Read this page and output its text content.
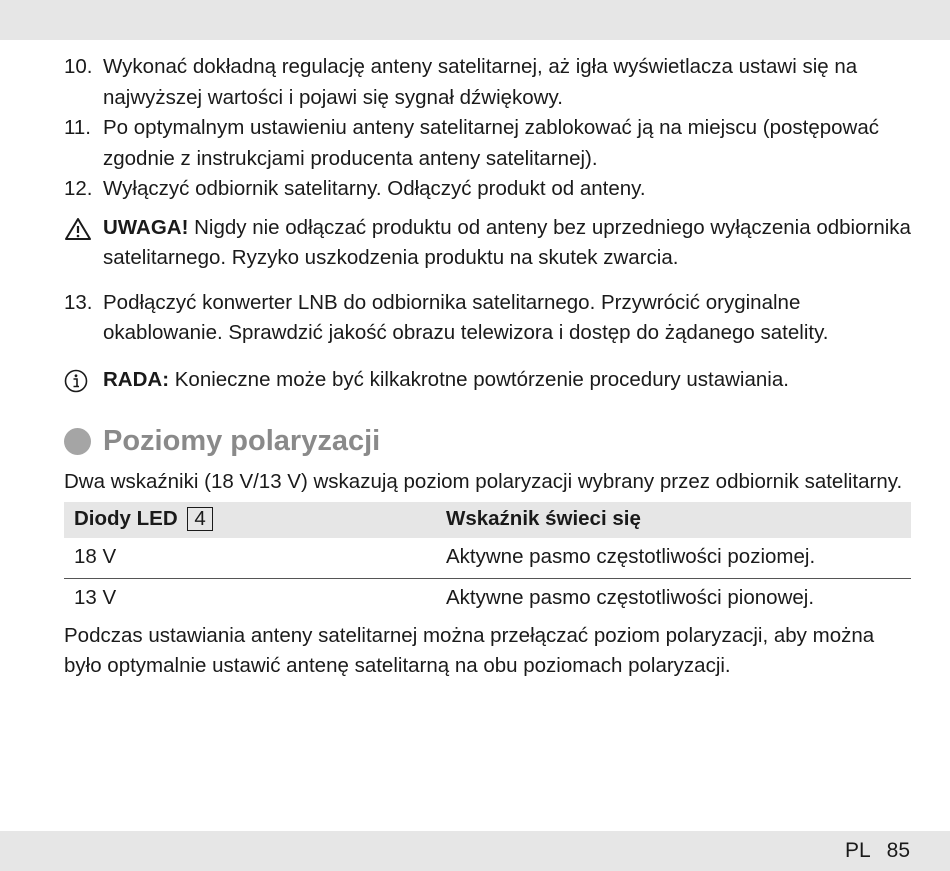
10. Wykonać dokładną regulację anteny satelitarnej, aż igła wyświetlacza ustawi się na najwyższej wartości i pojawi się sygnał dźwiękowy.
11. Po optymalnym ustawieniu anteny satelitarnej zablokować ją na miejscu (postępować zgodnie z instrukcjami producenta anteny satelitarnej).
12. Wyłączyć odbiornik satelitarny. Odłączyć produkt od anteny.
UWAGA! Nigdy nie odłączać produktu od anteny bez uprzedniego wyłączenia odbiornika satelitarnego. Ryzyko uszkodzenia produktu na skutek zwarcia.
13. Podłączyć konwerter LNB do odbiornika satelitarnego. Przywrócić oryginalne okablowanie. Sprawdzić jakość obrazu telewizora i dostęp do żądanego satelity.
RADA: Konieczne może być kilkakrotne powtórzenie procedury ustawiania.
Poziomy polaryzacji
Dwa wskaźniki (18 V/13 V) wskazują poziom polaryzacji wybrany przez odbiornik satelitarny.
Diody LED 4	Wskaźnik świeci się
18 V	Aktywne pasmo częstotliwości poziomej.
13 V	Aktywne pasmo częstotliwości pionowej.
Podczas ustawiania anteny satelitarnej można przełączać poziom polaryzacji, aby można było optymalnie ustawić antenę satelitarną na obu poziomach polaryzacji.
PL 85
